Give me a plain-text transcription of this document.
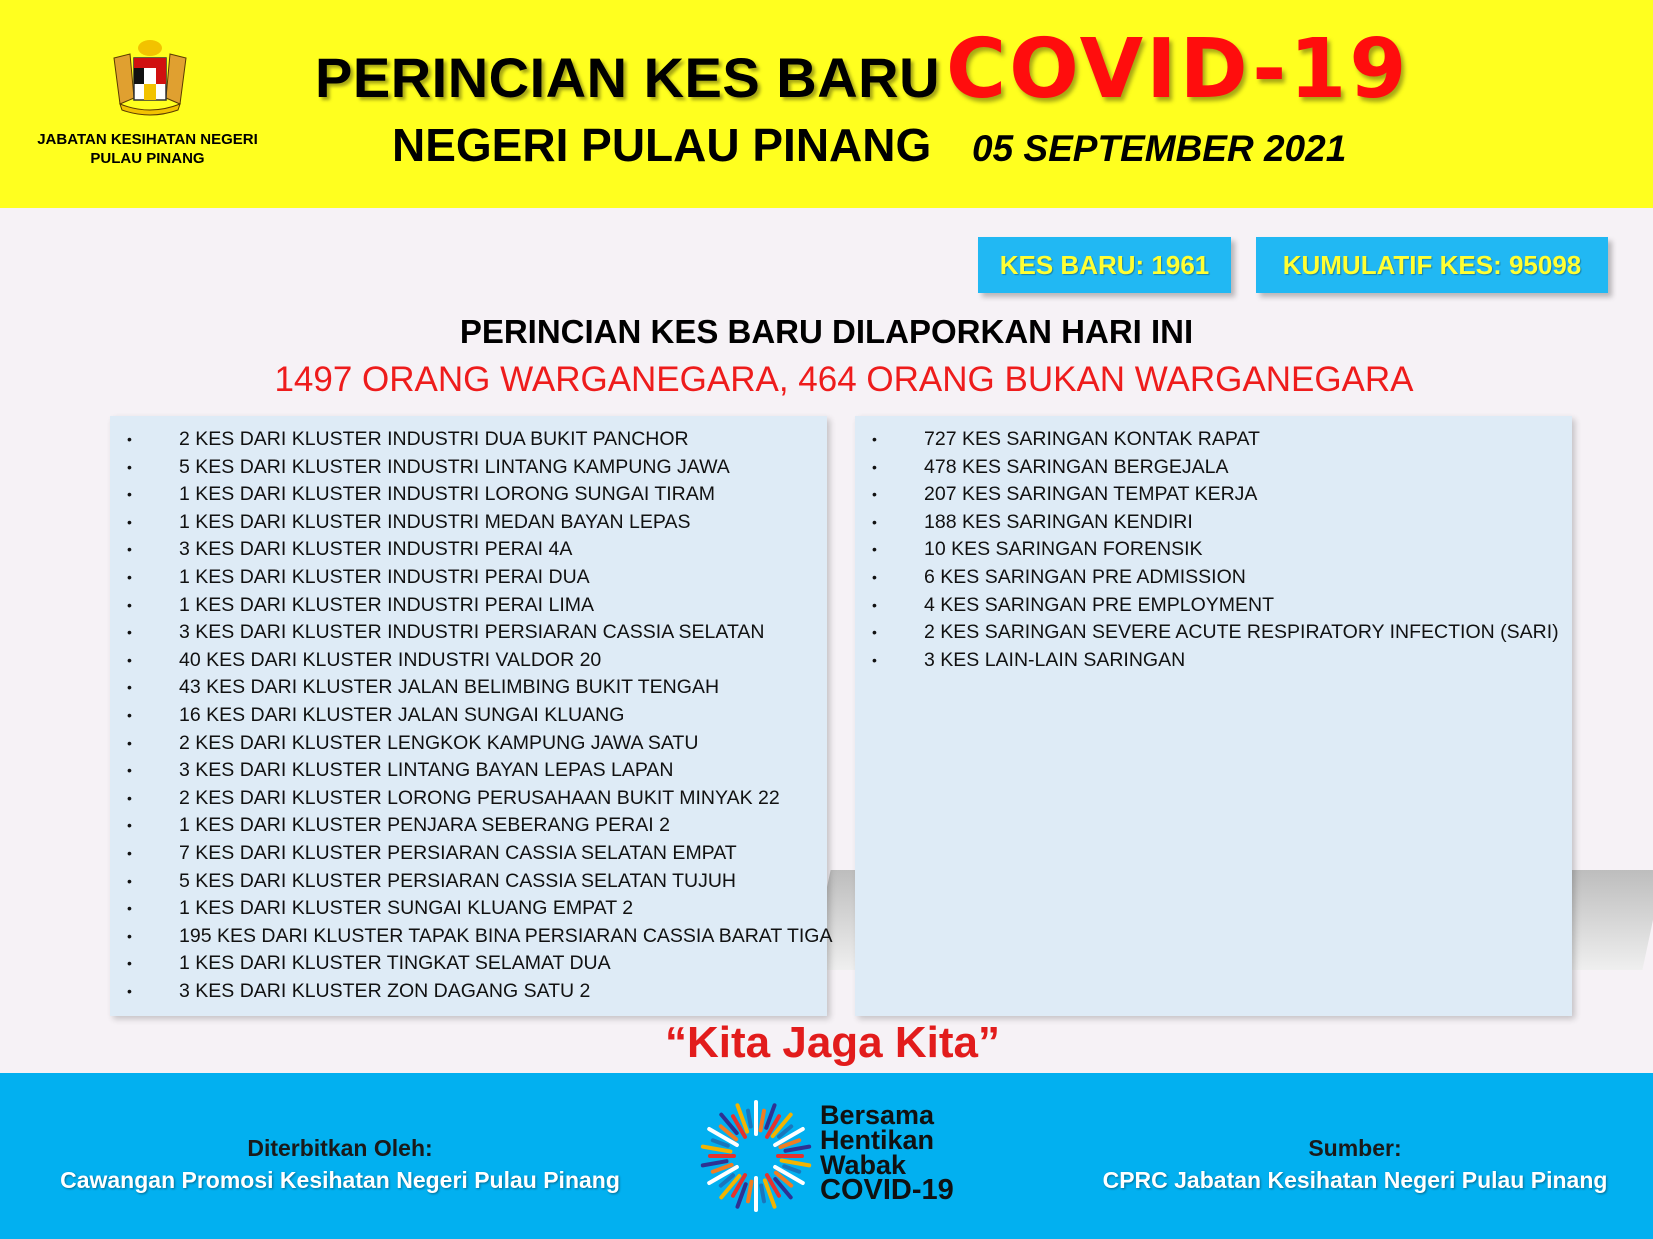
JABATAN KESIHATAN NEGERI PULAU PINANG
PERINCIAN KES BARU COVID-19
NEGERI PULAU PINANG 05 SEPTEMBER 2021
KES BARU: 1961	KUMULATIF KES: 95098
PERINCIAN KES BARU DILAPORKAN HARI INI
1497 ORANG WARGANEGARA, 464 ORANG BUKAN WARGANEGARA
• 2 KES DARI KLUSTER INDUSTRI DUA BUKIT PANCHOR
• 5 KES DARI KLUSTER INDUSTRI LINTANG KAMPUNG JAWA
• 1 KES DARI KLUSTER INDUSTRI LORONG SUNGAI TIRAM
• 1 KES DARI KLUSTER INDUSTRI MEDAN BAYAN LEPAS
• 3 KES DARI KLUSTER INDUSTRI PERAI 4A
• 1 KES DARI KLUSTER INDUSTRI PERAI DUA
• 1 KES DARI KLUSTER INDUSTRI PERAI LIMA
• 3 KES DARI KLUSTER INDUSTRI PERSIARAN CASSIA SELATAN
• 40 KES DARI KLUSTER INDUSTRI VALDOR 20
• 43 KES DARI KLUSTER JALAN BELIMBING BUKIT TENGAH
• 16 KES DARI KLUSTER JALAN SUNGAI KLUANG
• 2 KES DARI KLUSTER LENGKOK KAMPUNG JAWA SATU
• 3 KES DARI KLUSTER LINTANG BAYAN LEPAS LAPAN
• 2 KES DARI KLUSTER LORONG PERUSAHAAN BUKIT MINYAK 22
• 1 KES DARI KLUSTER PENJARA SEBERANG PERAI 2
• 7 KES DARI KLUSTER PERSIARAN CASSIA SELATAN EMPAT
• 5 KES DARI KLUSTER PERSIARAN CASSIA SELATAN TUJUH
• 1 KES DARI KLUSTER SUNGAI KLUANG EMPAT 2
• 195 KES DARI KLUSTER TAPAK BINA PERSIARAN CASSIA BARAT TIGA
• 1 KES DARI KLUSTER TINGKAT SELAMAT DUA
• 3 KES DARI KLUSTER ZON DAGANG SATU 2
• 727 KES SARINGAN KONTAK RAPAT
• 478 KES SARINGAN BERGEJALA
• 207 KES SARINGAN TEMPAT KERJA
• 188 KES SARINGAN KENDIRI
• 10 KES SARINGAN FORENSIK
• 6 KES SARINGAN PRE ADMISSION
• 4 KES SARINGAN PRE EMPLOYMENT
• 2 KES SARINGAN SEVERE ACUTE RESPIRATORY INFECTION (SARI)
• 3 KES LAIN-LAIN SARINGAN
“Kita Jaga Kita”
Diterbitkan Oleh:
Cawangan Promosi Kesihatan Negeri Pulau Pinang
Bersama
Hentikan
Wabak
COVID-19
Sumber:
CPRC Jabatan Kesihatan Negeri Pulau Pinang
